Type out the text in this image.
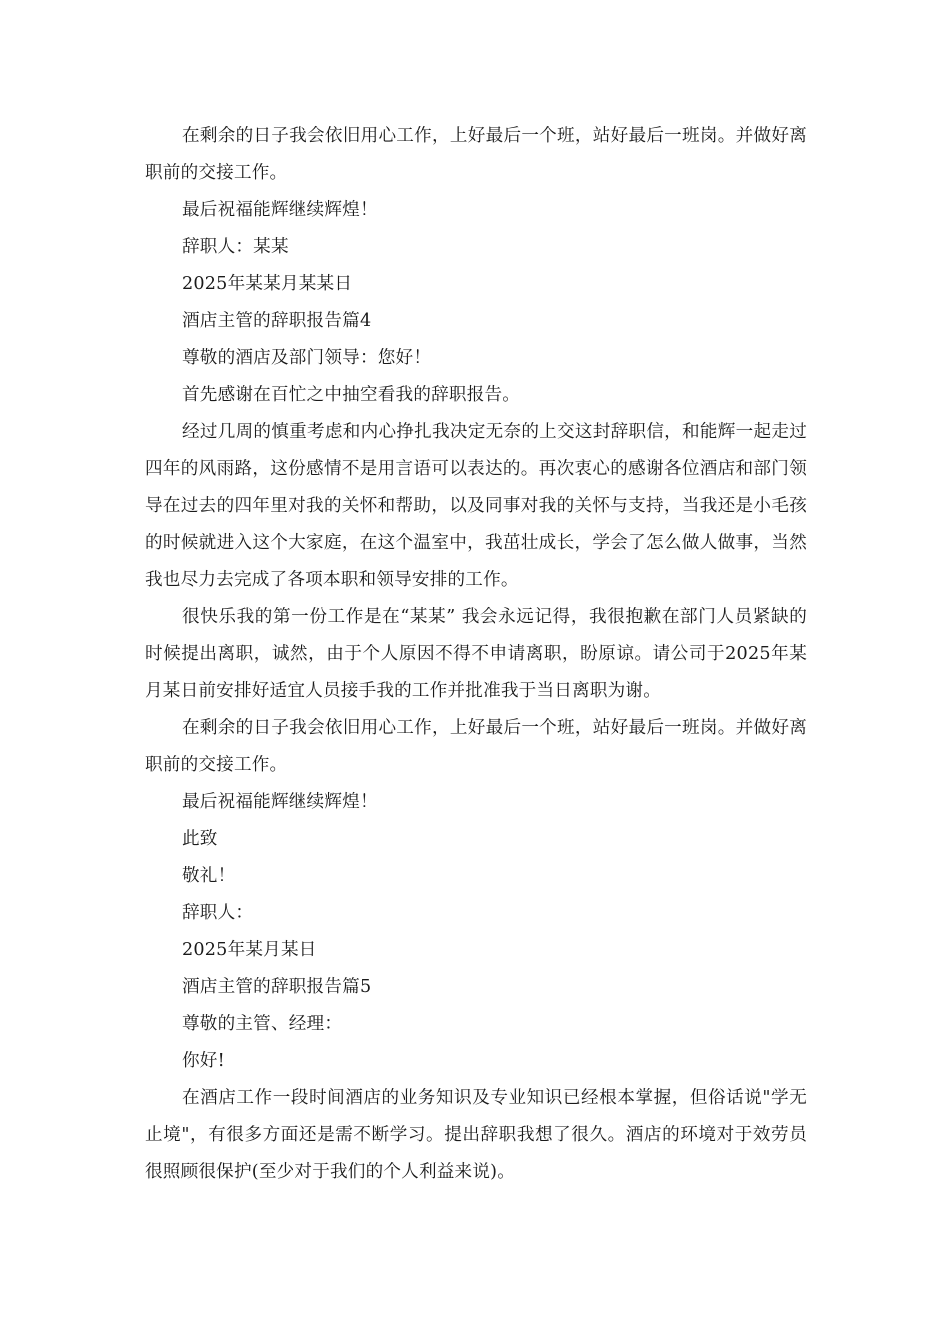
在剩余的日子我会依旧用心工作，上好最后一个班，站好最后一班岗。并做好离职前的交接工作。

最后祝福能辉继续辉煌！

辞职人：某某

2025年某某月某某日

酒店主管的辞职报告篇4

尊敬的酒店及部门领导：您好！

首先感谢在百忙之中抽空看我的辞职报告。

经过几周的慎重考虑和内心挣扎我决定无奈的上交这封辞职信，和能辉一起走过四年的风雨路，这份感情不是用言语可以表达的。再次衷心的感谢各位酒店和部门领导在过去的四年里对我的关怀和帮助，以及同事对我的关怀与支持，当我还是小毛孩的时候就进入这个大家庭，在这个温室中，我茁壮成长，学会了怎么做人做事，当然我也尽力去完成了各项本职和领导安排的工作。

很快乐我的第一份工作是在“某某” 我会永远记得，我很抱歉在部门人员紧缺的时候提出离职，诚然，由于个人原因不得不申请离职，盼原谅。请公司于2025年某月某日前安排好适宜人员接手我的工作并批准我于当日离职为谢。

在剩余的日子我会依旧用心工作，上好最后一个班，站好最后一班岗。并做好离职前的交接工作。

最后祝福能辉继续辉煌！

此致

敬礼！

辞职人：

2025年某月某日

酒店主管的辞职报告篇5

尊敬的主管、经理：

你好!

在酒店工作一段时间酒店的业务知识及专业知识已经根本掌握，但俗话说"学无止境"，有很多方面还是需不断学习。提出辞职我想了很久。酒店的环境对于效劳员很照顾很保护(至少对于我们的个人利益来说)。
